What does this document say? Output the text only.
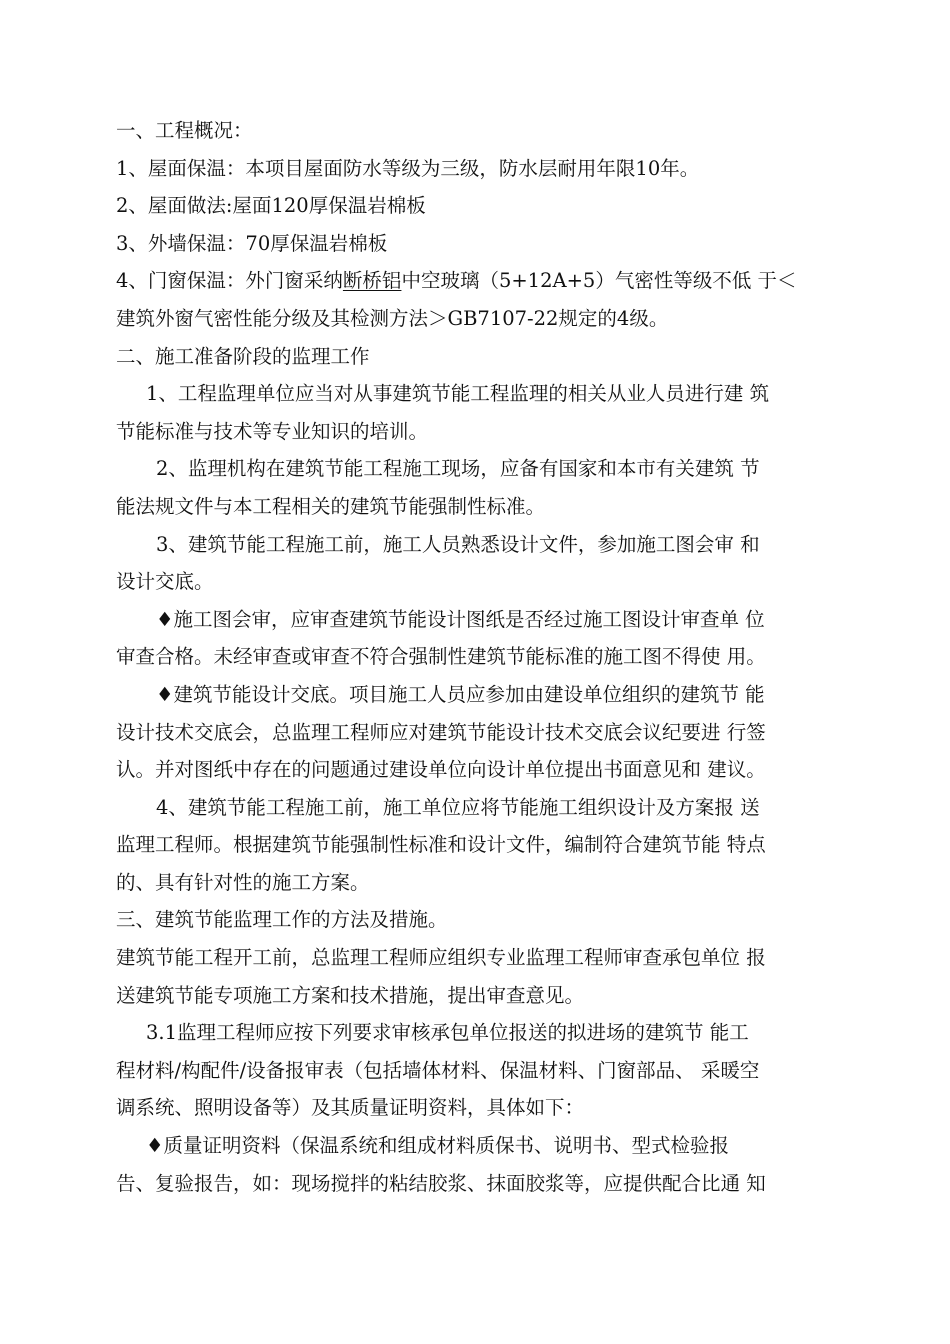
一、工程概况：
1、屋面保温：本项目屋面防水等级为三级，防水层耐用年限10年。
2、屋面做法:屋面120厚保温岩棉板
3、外墙保温：70厚保温岩棉板
4、门窗保温：外门窗采纳断桥铝中空玻璃（5+12A+5）气密性等级不低 于＜
建筑外窗气密性能分级及其检测方法＞GB7107-22规定的4级。
二、施工准备阶段的监理工作
1、工程监理单位应当对从事建筑节能工程监理的相关从业人员进行建 筑
节能标准与技术等专业知识的培训。
2、监理机构在建筑节能工程施工现场，应备有国家和本市有关建筑 节
能法规文件与本工程相关的建筑节能强制性标准。
3、建筑节能工程施工前，施工人员熟悉设计文件，参加施工图会审 和
设计交底。
♦施工图会审，应审查建筑节能设计图纸是否经过施工图设计审查单 位
审查合格。未经审查或审查不符合强制性建筑节能标准的施工图不得使 用。
♦建筑节能设计交底。项目施工人员应参加由建设单位组织的建筑节 能
设计技术交底会，总监理工程师应对建筑节能设计技术交底会议纪要进 行签
认。并对图纸中存在的问题通过建设单位向设计单位提出书面意见和 建议。
4、建筑节能工程施工前，施工单位应将节能施工组织设计及方案报 送
监理工程师。根据建筑节能强制性标准和设计文件，编制符合建筑节能 特点
的、具有针对性的施工方案。
三、建筑节能监理工作的方法及措施。
建筑节能工程开工前，总监理工程师应组织专业监理工程师审查承包单位 报
送建筑节能专项施工方案和技术措施，提出审查意见。
3.1监理工程师应按下列要求审核承包单位报送的拟进场的建筑节 能工
程材料/构配件/设备报审表（包括墙体材料、保温材料、门窗部品、 采暖空
调系统、照明设备等）及其质量证明资料，具体如下：
♦质量证明资料（保温系统和组成材料质保书、说明书、型式检验报
告、复验报告，如：现场搅拌的粘结胶浆、抹面胶浆等，应提供配合比通 知
